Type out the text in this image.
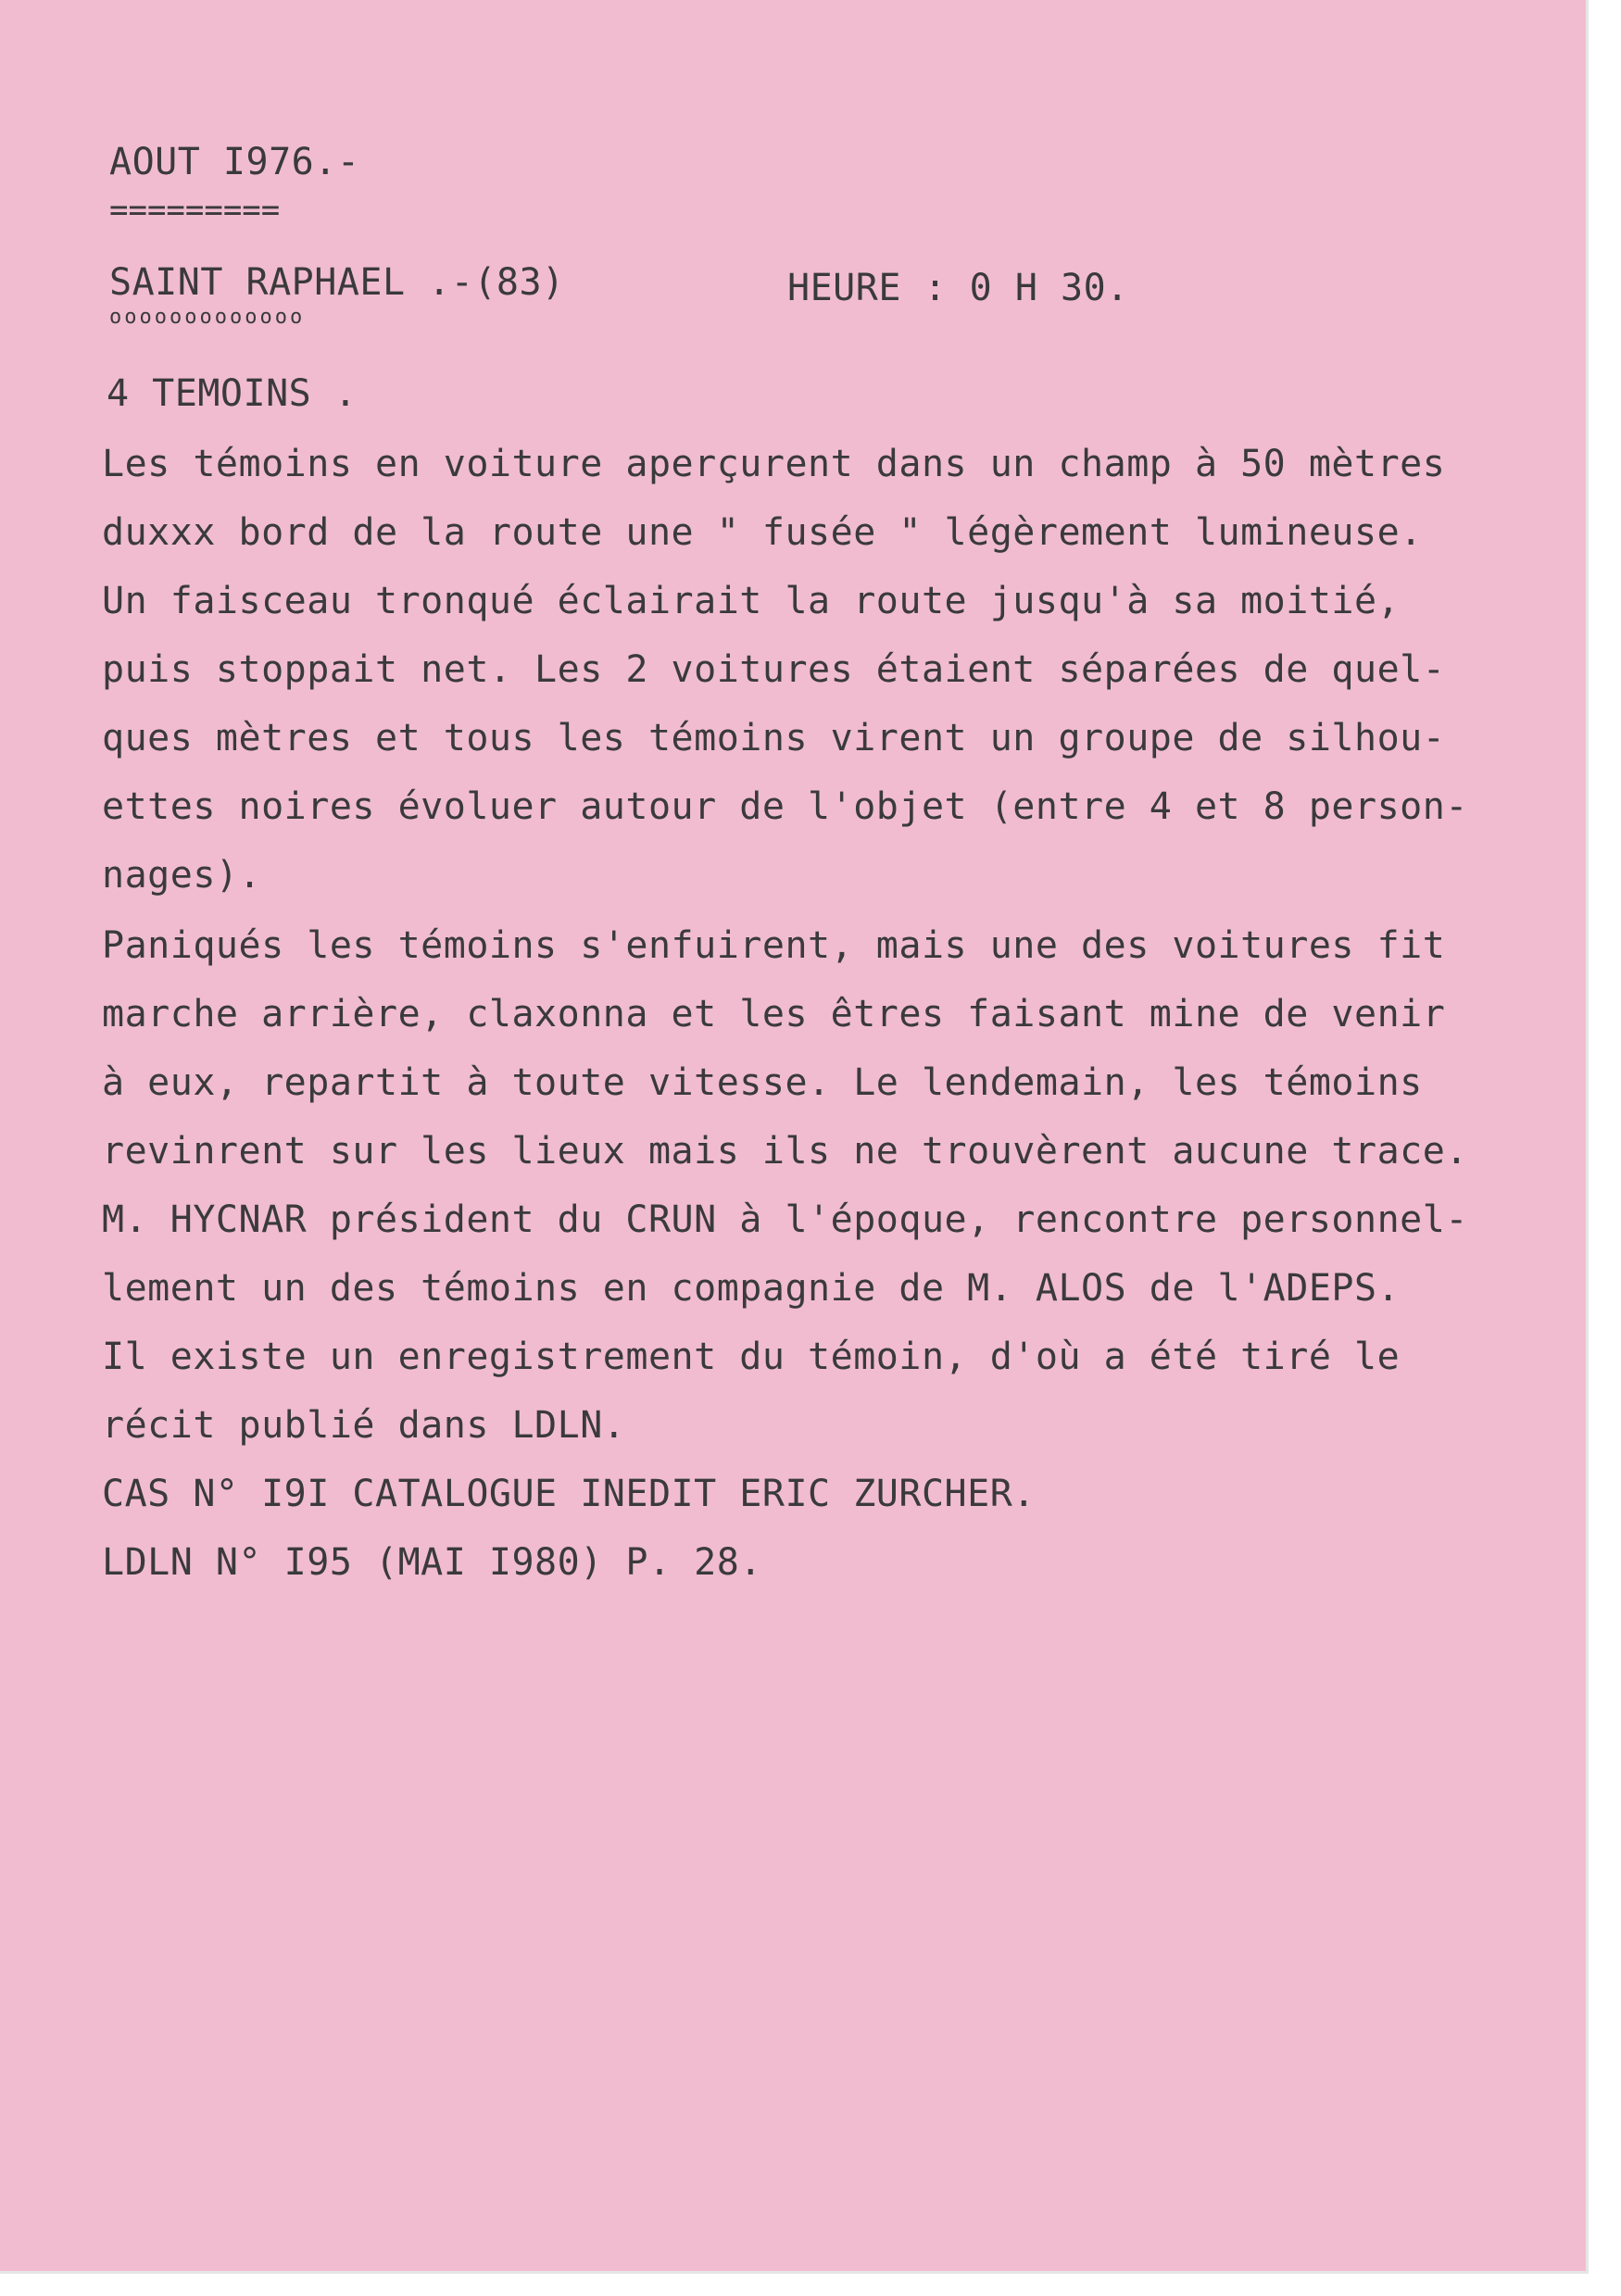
AOUT I976.-
=========
SAINT RAPHAEL .-(83)
ooooooooooooo
HEURE : 0 H 30.
4 TEMOINS .
Les témoins en voiture aperçurent dans un champ à 50 mètres
duxxx bord de la route une " fusée " légèrement lumineuse.
Un faisceau tronqué éclairait la route jusqu'à sa moitié,
puis stoppait net. Les 2 voitures étaient séparées de quel-
ques mètres et tous les témoins virent un groupe de silhou-
ettes noires évoluer autour de l'objet (entre 4 et 8 person-
nages).
Paniqués les témoins s'enfuirent, mais une des voitures fit
marche arrière, claxonna et les êtres faisant mine de venir
à eux, repartit à toute vitesse. Le lendemain, les témoins
revinrent sur les lieux mais ils ne trouvèrent aucune trace.
M. HYCNAR président du CRUN à l'époque, rencontre personnel-
lement un des témoins en compagnie de M. ALOS de l'ADEPS.
Il existe un enregistrement du témoin, d'où a été tiré le
récit publié dans LDLN.
CAS N° I9I CATALOGUE INEDIT ERIC ZURCHER.
LDLN N° I95 (MAI I980) P. 28.
